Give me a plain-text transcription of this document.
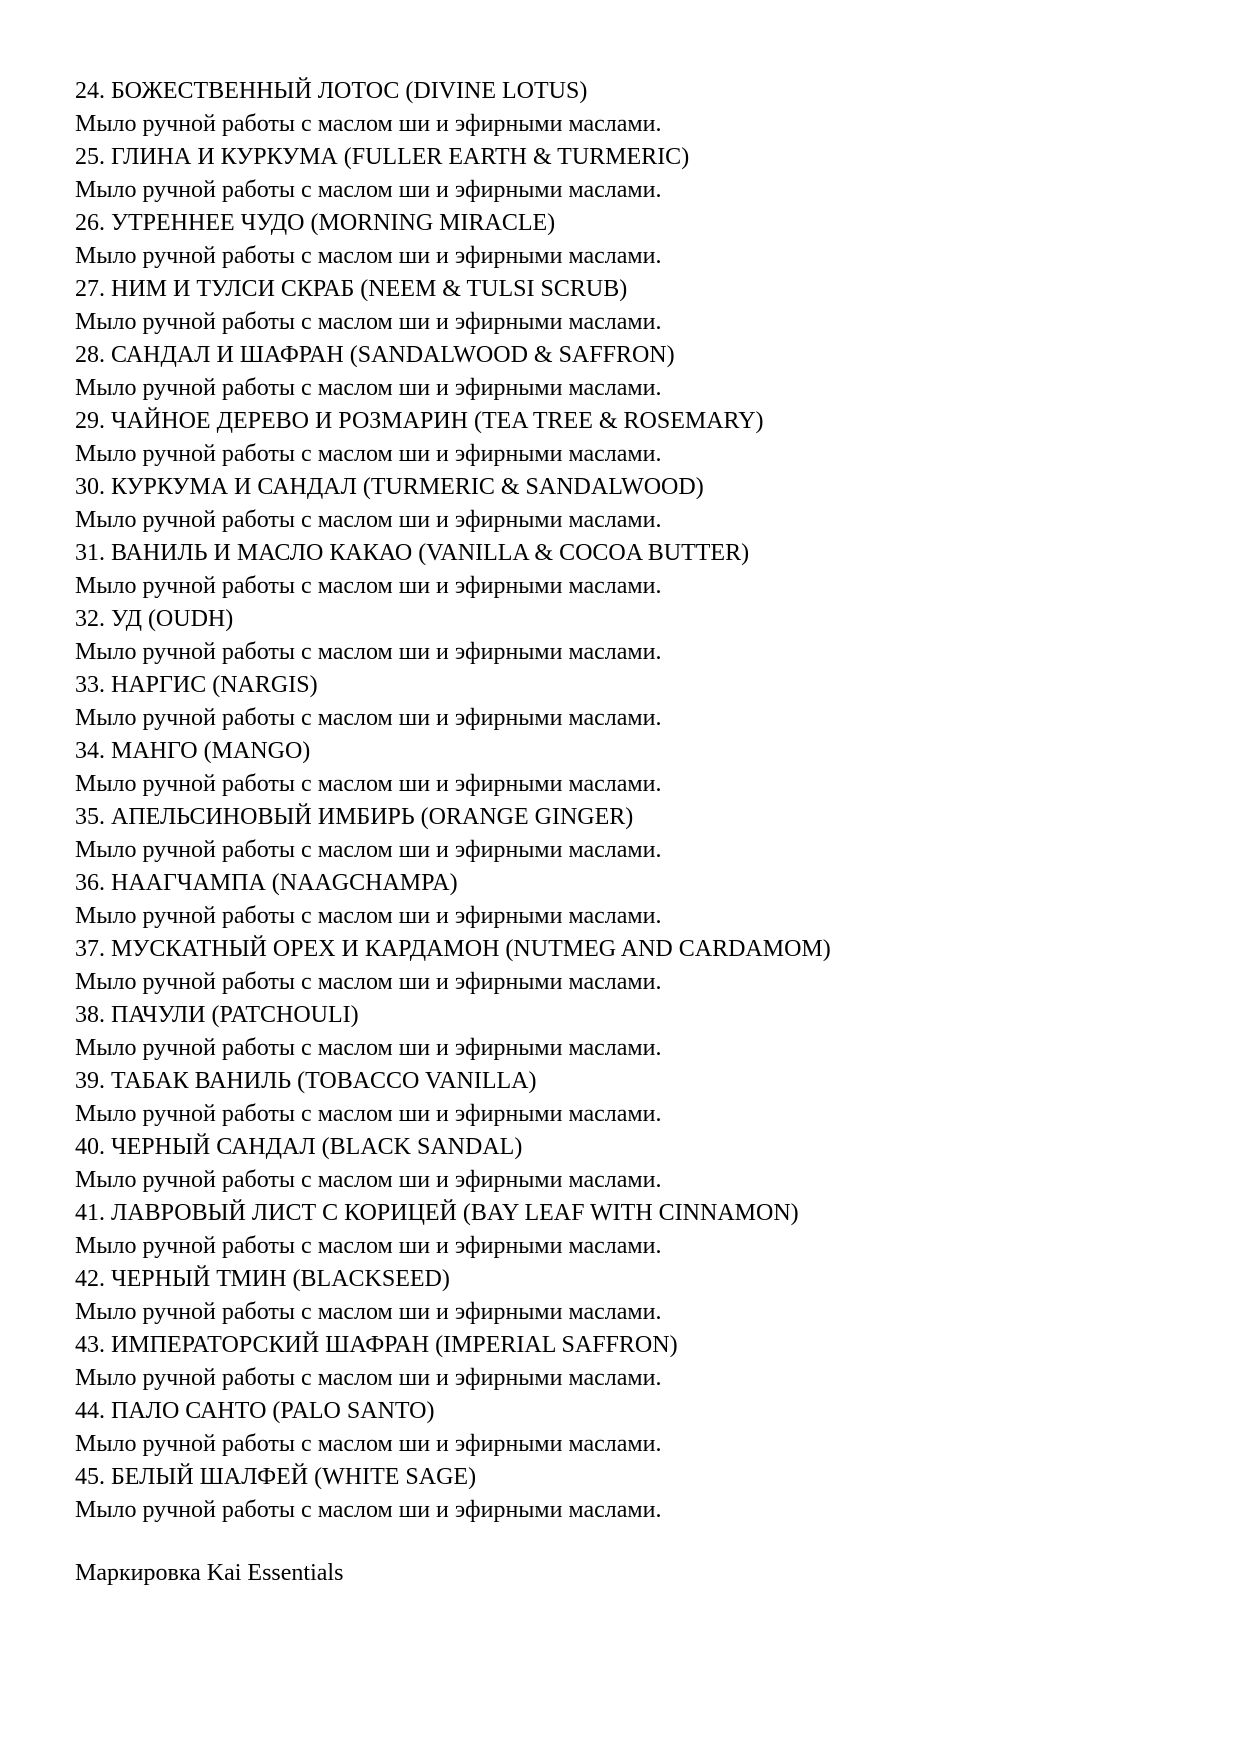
24. БОЖЕСТВЕННЫЙ ЛОТОС (DIVINE LOTUS)
Мыло ручной работы с маслом ши и эфирными маслами.
25. ГЛИНА И КУРКУМА (FULLER EARTH & TURMERIC)
Мыло ручной работы с маслом ши и эфирными маслами.
26. УТРЕННЕЕ ЧУДО (MORNING MIRACLE)
Мыло ручной работы с маслом ши и эфирными маслами.
27. НИМ И ТУЛСИ СКРАБ (NEEM & TULSI SCRUB)
Мыло ручной работы с маслом ши и эфирными маслами.
28. САНДАЛ И ШАФРАН (SANDALWOOD & SAFFRON)
Мыло ручной работы с маслом ши и эфирными маслами.
29. ЧАЙНОЕ ДЕРЕВО И РОЗМАРИН (TEA TREE & ROSEMARY)
Мыло ручной работы с маслом ши и эфирными маслами.
30. КУРКУМА И САНДАЛ (TURMERIC & SANDALWOOD)
Мыло ручной работы с маслом ши и эфирными маслами.
31. ВАНИЛЬ И МАСЛО КАКАО (VANILLA & COCOA BUTTER)
Мыло ручной работы с маслом ши и эфирными маслами.
32. УД (OUDH)
Мыло ручной работы с маслом ши и эфирными маслами.
33. НАРГИС (NARGIS)
Мыло ручной работы с маслом ши и эфирными маслами.
34. МАНГО (MANGO)
Мыло ручной работы с маслом ши и эфирными маслами.
35. АПЕЛЬСИНОВЫЙ ИМБИРЬ (ORANGE GINGER)
Мыло ручной работы с маслом ши и эфирными маслами.
36. НААГЧАМПА (NAAGCHAMPA)
Мыло ручной работы с маслом ши и эфирными маслами.
37. МУСКАТНЫЙ ОРЕХ И КАРДАМОН (NUTMEG AND CARDAMOM)
Мыло ручной работы с маслом ши и эфирными маслами.
38. ПАЧУЛИ (PATCHOULI)
Мыло ручной работы с маслом ши и эфирными маслами.
39. ТАБАК ВАНИЛЬ (TOBACCO VANILLA)
Мыло ручной работы с маслом ши и эфирными маслами.
40. ЧЕРНЫЙ САНДАЛ (BLACK SANDAL)
Мыло ручной работы с маслом ши и эфирными маслами.
41. ЛАВРОВЫЙ ЛИСТ С КОРИЦЕЙ (BAY LEAF WITH CINNAMON)
Мыло ручной работы с маслом ши и эфирными маслами.
42. ЧЕРНЫЙ ТМИН (BLACKSEED)
Мыло ручной работы с маслом ши и эфирными маслами.
43. ИМПЕРАТОРСКИЙ ШАФРАН (IMPERIAL SAFFRON)
Мыло ручной работы с маслом ши и эфирными маслами.
44. ПАЛО САНТО (PALO SANTO)
Мыло ручной работы с маслом ши и эфирными маслами.
45. БЕЛЫЙ ШАЛФЕЙ (WHITE SAGE)
Мыло ручной работы с маслом ши и эфирными маслами.
Маркировка Kai Essentials
